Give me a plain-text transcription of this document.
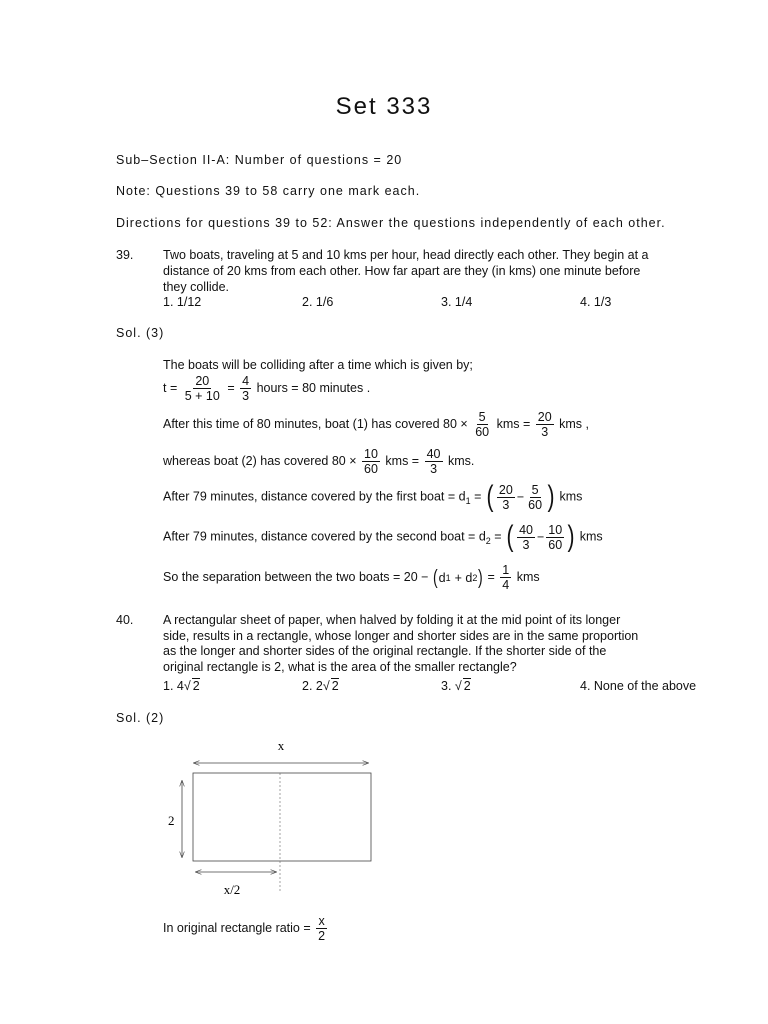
Set 333
Sub–Section II-A: Number of questions = 20
Note: Questions 39 to 58 carry one mark each.
Directions for questions 39 to 52: Answer the questions independently of each other.
39. Two boats, traveling at 5 and 10 kms per hour, head directly each other. They begin at a
distance of 20 kms from each other. How far apart are they (in kms) one minute before
they collide.
1. 1/12	2. 1/6	3. 1/4	4. 1/3
Sol. (3)
The boats will be colliding after a time which is given by;
$t = \frac{20}{5 + 10} = \frac{4}{3}$ hours = 80 minutes .
After this time of 80 minutes, boat (1) has covered $80 \times \frac{5}{60}$ kms = $\frac{20}{3}$ kms ,
whereas boat (2) has covered $80 \times \frac{10}{60}$ kms = $\frac{40}{3}$ kms.
After 79 minutes, distance covered by the first boat = $d_1$ = ( $\frac{20}{3} - \frac{5}{60}$ ) kms
After 79 minutes, distance covered by the second boat = $d_2$ = ( $\frac{40}{3} - \frac{10}{60}$ ) kms
So the separation between the two boats = 20 − ( d 1 + d 2 ) = $\frac{1}{4}$ kms
40. A rectangular sheet of paper, when halved by folding it at the mid point of its longer
side, results in a rectangle, whose longer and shorter sides are in the same proportion
as the longer and shorter sides of the original rectangle. If the shorter side of the
original rectangle is 2, what is the area of the smaller rectangle?
1. 4√ 2	2. 2√ 2	3. √ 2	4. None of the above
Sol. (2)
x
2
x/2
In original rectangle ratio = $\frac{x}{2}$
